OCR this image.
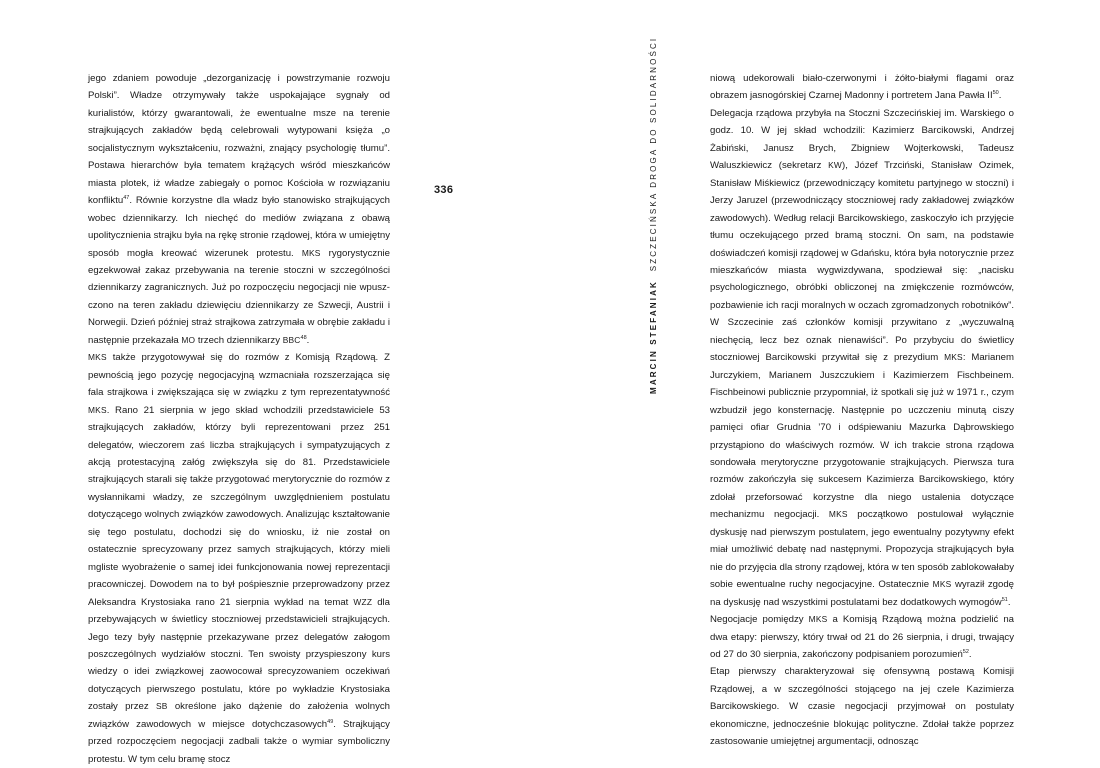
jego zdaniem powoduje „dezorganizację i powstrzymanie rozwoju Polski”. Władze otrzymywały także uspokajające sygnały od kurialistów, którzy gwarantowali, że ewentualne msze na terenie strajkujących zakładów będą celebrowali wytypowani księża „o socjalistycznym wykształceniu, rozważni, znający psychologię tłumu”. Postawa hierarchów była tematem krążących wśród mieszkańców miasta plotek, iż władze zabiegały o pomoc Kościoła w rozwiązaniu konfliktu$^{47}$. Równie korzystne dla władz było stanowisko strajkujących wobec dziennikarzy. Ich niechęć do mediów związana z obawą upolitycznienia strajku była na rękę stronie rządowej, która w umiejętny sposób mogła kreować wizerunek protestu. MKS rygorystycznie egzekwował zakaz przebywania na terenie stoczni w szczególności dziennikarzy zagranicznych. Już po rozpoczęciu negocjacji nie wpuszczono na teren zakładu dziewięciu dziennikarzy ze Szwecji, Austrii i Norwegii. Dzień później straż strajkowa zatrzymała w obrębie zakładu i następnie przekazała MO trzech dziennikarzy BBC$^{48}$.

MKS także przygotowywał się do rozmów z Komisją Rządową. Z pewnością jego pozycję negocjacyjną wzmacniała rozszerzająca się fala strajkowa i zwiększająca się w związku z tym reprezentatywność MKS. Rano 21 sierpnia w jego skład wchodzili przedstawiciele 53 strajkujących zakładów, którzy byli reprezentowani przez 251 delegatów, wieczorem zaś liczba strajkujących i sympatyzujących z akcją protestacyjną załóg zwiększyła się do 81. Przedstawiciele strajkujących starali się także przygotować merytorycznie do rozmów z wysłannikami władzy, ze szczególnym uwzględnieniem postulatu dotyczącego wolnych związków zawodowych. Analizując kształtowanie się tego postulatu, dochodzi się do wniosku, iż nie został on ostatecznie sprecyzowany przez samych strajkujących, którzy mieli mgliste wyobrażenie o samej idei funkcjonowania nowej reprezentacji pracowniczej. Dowodem na to był pośpiesznie przeprowadzony przez Aleksandra Krystosiaka rano 21 sierpnia wykład na temat WZZ dla przebywających w świetlicy stoczniowej przedstawicieli strajkujących. Jego tezy były następnie przekazywane przez delegatów załogom poszczególnych wydziałów stoczni. Ten swoisty przyspieszony kurs wiedzy o idei związkowej zaowocował sprecyzowaniem oczekiwań dotyczących pierwszego postulatu, które po wykładzie Krystosiaka zostały przez SB określone jako dążenie do założenia wolnych związków zawodowych w miejsce dotychczasowych$^{49}$. Strajkujący przed rozpoczęciem negocjacji zadbali także o wymiar symboliczny protestu. W tym celu bramę stocz

336
MARCIN STEFANIAK  SZCZECIŃSKA DROGA DO SOLIDARNOŚCI	niową udekorowali biało-czerwonymi i żółto-białymi flagami oraz obrazem jasnogórskiej Czarnej Madonny i portretem Jana Pawła II$^{50}$.

Delegacja rządowa przybyła na Stoczni Szczecińskiej im. Warskiego o godz. 10. W jej skład wchodzili: Kazimierz Barcikowski, Andrzej Żabiński, Janusz Brych, Zbigniew Wojterkowski, Tadeusz Waluszkiewicz (sekretarz KW), Józef Trzciński, Stanisław Ozimek, Stanisław Miśkiewicz (przewodniczący komitetu partyjnego w stoczni) i Jerzy Jaruzel (przewodniczący stoczniowej rady zakładowej związków zawodowych). Według relacji Barcikowskiego, zaskoczyło ich przyjęcie tłumu oczekującego przed bramą stoczni. On sam, na podstawie doświadczeń komisji rządowej w Gdańsku, która była notorycznie przez mieszkańców miasta wygwizdywana, spodziewał się: „nacisku psychologicznego, obróbki obliczonej na zmiękczenie rozmówców, pozbawienie ich racji moralnych w oczach zgromadzonych robotników”. W Szczecinie zaś członków komisji przywitano z „wyczuwalną niechęcią, lecz bez oznak nienawiści”. Po przybyciu do świetlicy stoczniowej Barcikowski przywitał się z prezydium MKS: Marianem Jurczykiem, Marianem Juszczukiem i Kazimierzem Fischbeinem. Fischbeinowi publicznie przypomniał, iż spotkali się już w 1971 r., czym wzbudził jego konsternację. Następnie po uczczeniu minutą ciszy pamięci ofiar Grudnia ’70 i odśpiewaniu Mazurka Dąbrowskiego przystąpiono do właściwych rozmów. W ich trakcie strona rządowa sondowała merytoryczne przygotowanie strajkujących. Pierwsza tura rozmów zakończyła się sukcesem Kazimierza Barcikowskiego, który zdołał przeforsować korzystne dla niego ustalenia dotyczące mechanizmu negocjacji. MKS początkowo postulował wyłącznie dyskusję nad pierwszym postulatem, jego ewentualny pozytywny efekt miał umożliwić debatę nad następnymi. Propozycja strajkujących była nie do przyjęcia dla strony rządowej, która w ten sposób zablokowałaby sobie ewentualne ruchy negocjacyjne. Ostatecznie MKS wyraził zgodę na dyskusję nad wszystkimi postulatami bez dodatkowych wymogów$^{51}$.

Negocjacje pomiędzy MKS a Komisją Rządową można podzielić na dwa etapy: pierwszy, który trwał od 21 do 26 sierpnia, i drugi, trwający od 27 do 30 sierpnia, zakończony podpisaniem porozumień$^{52}$.

Etap pierwszy charakteryzował się ofensywną postawą Komisji Rządowej, a w szczególności stojącego na jej czele Kazimierza Barcikowskiego. W czasie negocjacji przyjmował on postulaty ekonomiczne, jednocześnie blokując polityczne. Zdołał także poprzez zastosowanie umiejętnej argumentacji, odnosząc
